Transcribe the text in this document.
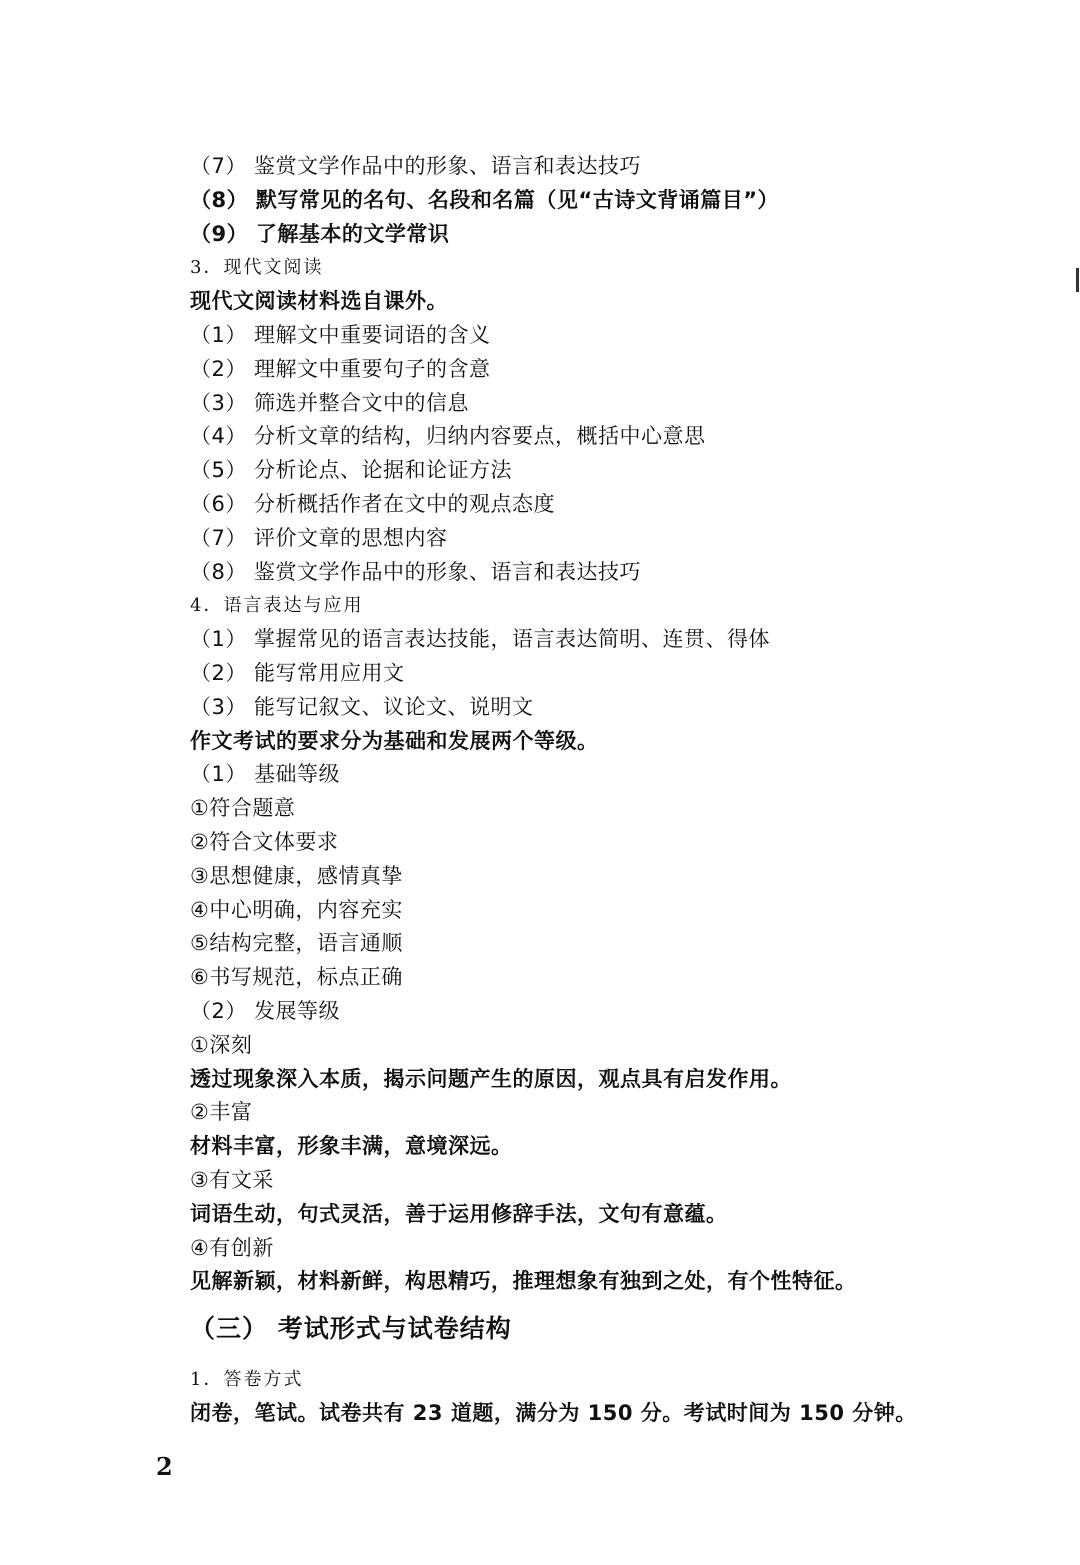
（7） 鉴赏文学作品中的形象、语言和表达技巧
（8） 默写常见的名句、名段和名篇（见“古诗文背诵篇目”）
（9） 了解基本的文学常识
3．现代文阅读
现代文阅读材料选自课外。
（1） 理解文中重要词语的含义
（2） 理解文中重要句子的含意
（3） 筛选并整合文中的信息
（4） 分析文章的结构，归纳内容要点，概括中心意思
（5） 分析论点、论据和论证方法
（6） 分析概括作者在文中的观点态度
（7） 评价文章的思想内容
（8） 鉴赏文学作品中的形象、语言和表达技巧
4．语言表达与应用
（1） 掌握常见的语言表达技能，语言表达简明、连贯、得体
（2） 能写常用应用文
（3） 能写记叙文、议论文、说明文
作文考试的要求分为基础和发展两个等级。
（1） 基础等级
①符合题意
②符合文体要求
③思想健康，感情真挚
④中心明确，内容充实
⑤结构完整，语言通顺
⑥书写规范，标点正确
（2） 发展等级
①深刻
透过现象深入本质，揭示问题产生的原因，观点具有启发作用。
②丰富
材料丰富，形象丰满，意境深远。
③有文采
词语生动，句式灵活，善于运用修辞手法，文句有意蕴。
④有创新
见解新颖，材料新鲜，构思精巧，推理想象有独到之处，有个性特征。
（三） 考试形式与试卷结构
1．答卷方式
闭卷，笔试。试卷共有 23 道题，满分为 150 分。考试时间为 150 分钟。
2
